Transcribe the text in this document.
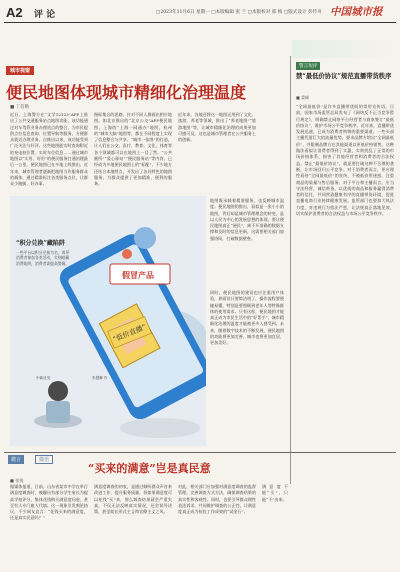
A2 评 论	□2023年11月6日 星期一 □本版编辑 张 兰 □本版校对 邵 梅 □版式设计 彭传舟 中国城市报
城市视窗
便民地图体现城市精细化治理温度
■ 丁倍勒
近日，上海警方在“文学12123”APP上推出了公共交通服务站点地图功能，该功能通过对车驾管业务办理站点的整合，为市民提供点位信息查询、位置导航等服务，方便群众就近办理业务。自推出以来，该功能受到广泛关注与好评。这些地图能实时查询附近的充电桩位置、实时车位信息……通过城市地图以“实用、好用”的便民服务打通治理最后一公里，便民地图已在多地上线推出。近年来，城市管理者逐渐把地图当作服务群众的载体，通过精准标注各类服务点位，让群众少跑腿、好办事。
指标集合的思路，针对不同人群画出相应地图。如北京推出的“北京公交”APP便民地图，上海的“上海一网通办”地图，杭州的“城市大脑”地图等，都在不同程度上实现了信息整合与共享。“城市一张图”的打造，让人们在公交、医疗、教育、文化、体育等各个领域都可以在地图上一目了然。“公共厕所”“爱心驿站”“便民服务站”等内容，已经成为多地便民地图上的“标配”，不少地方还结合本地特点，开发出了各具特色的地图服务，为群众提供了更加精准、便利的服务。
近年来，各地还将这一地图运用到了文化、旅游、养老等领域，推出了“养老地图”“旅游地图”等，让城市精细化治理的成果更加可感可及，这也是城市管理者在公共服务上的创新。
地图既承载着精准服务，也反映城市温度。便民地图的推出，看似是一张小小的地图，背后却是城市管理理念的转变，是以人民为中心的发展思想的体现。要让便民地图真正“便民”，离不开准确的数据支撑和及时的信息更新，这需要相关部门加强协同，打破数据壁垒。
同时，便民地图的建设也应注重用户体验，界面设计要简洁明了，操作流程要便捷易懂，特别是要照顾到老年人等特殊群体的使用需求。只有这样，便民地图才能真正成为市民生活中的“好帮手”，城市精细化治理的温度才能被更多人感受到。未来，随着数字技术的不断发展，便民地图的功能将更加完善，城市也将更加宜居、更加美好。
假冒产品
“低价直播”
“积分兑换”藏陷阱
一些平台以积分兑换为名，诱导消费者参加各类活动，实则暗藏消费陷阱，消费者需提高警惕。
中新社发	朱慧卿 作
微言	微语
“买来的满意”岂是真民意
■ 张锐
据媒体报道，日前，山东省某市中学在举行满意度调查时，被曝出有部分学生家长为提高学校评分，集体花钱购买满意度问卷，甚至有人专门雇人代填。这一现象引发舆论热议，不少网友直言：“花钱买来的满意度，还是真实民意吗？”
满意度调查的初衷，是通过倾听群众声音来改进工作，提升服务质量。但如果满意度可以花钱“买”来，那么调查结果就会严重失真，不仅无法反映真实情况，还会误导决策，甚至助长形式主义和官僚主义之风。
对此，相关部门应加强对满意度调查的监督管理，完善调查方式方法，确保调查结果的真实性和客观性。同时，也要引导群众理性表达诉求，共同维护调查的公正性，让满意度真正成为检验工作成效的“试金石”。
满意度不能“买”，只能“干”出来。
警言短评
禁“最低价协议”规范直播带货秩序
■ 姜峰
“全网最低价”是许多直播带货间的常用宣传语。日前，国家市场监管总局发布了《网络反不正当竞争暂行规定》，明确禁止网络平台经营者与商家签订“最低价协议”，维护市场公平竞争秩序。近年来，直播带货发展迅速，已成为消费者购物的重要渠道。一些头部主播凭借巨大的流量优势，要求品牌方给出“全网最低价”，并限制品牌方在其他渠道以更低价格销售。这种做法看似让消费者得到了实惠，实则扰乱了正常的市场价格体系，损害了其他经营者和消费者的合法权益。禁止“最低价协议”，就是要打破这种不合理的垄断，让市场回归公平竞争。对于消费者而言，更应理性看待“全网最低价”的宣传，不被低价所迷惑，注重商品的质量与售后服务。对于平台和主播而言，应当守法经营，诚信带货，以优质的商品和服务赢得消费者的信任，共同营造健康有序的直播带货环境，促进直播电商行业持续健康发展。监管部门也要加大执法力度，对违规行为依法严惩，让法规真正落地见效，切实保护消费者的合法权益与市场公平竞争秩序。
